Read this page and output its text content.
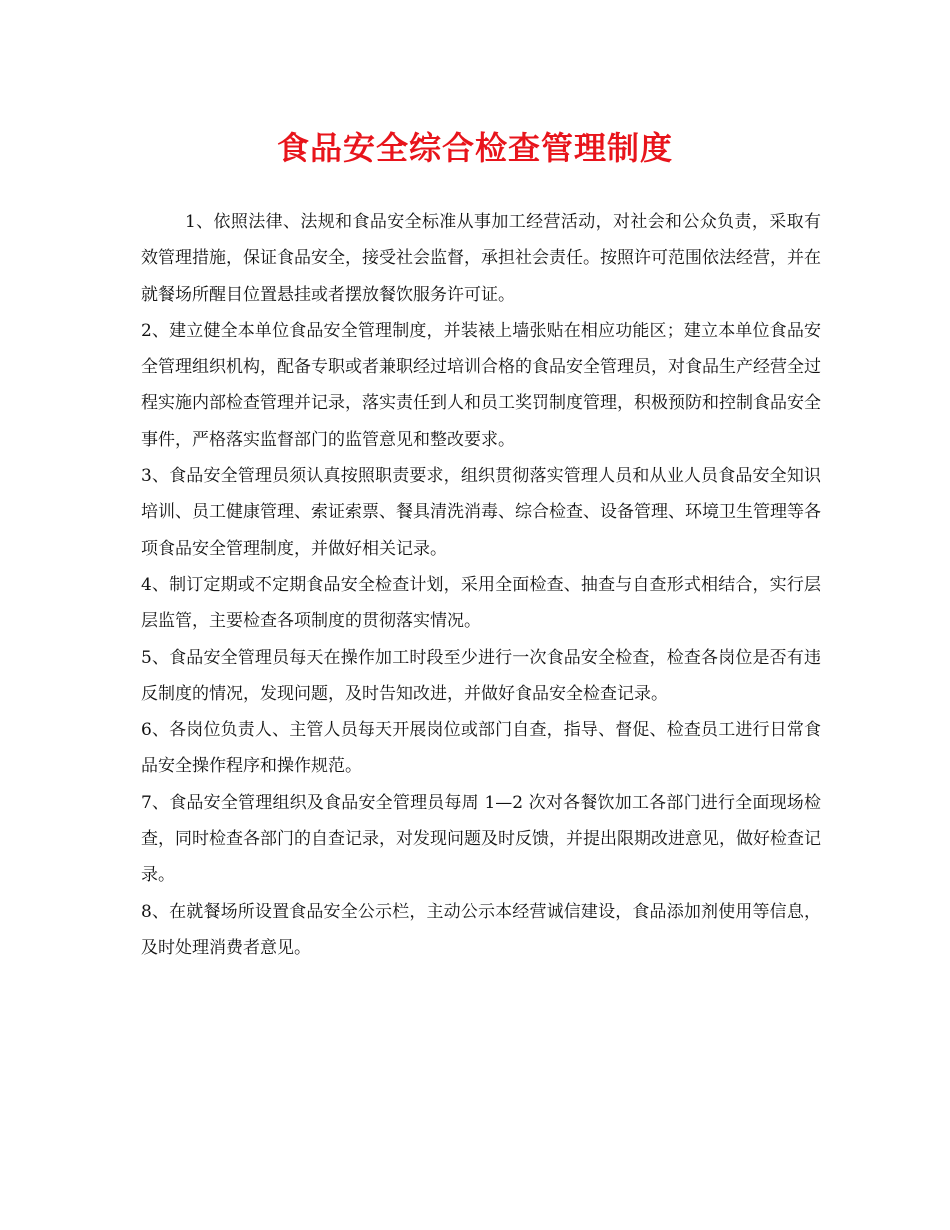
食品安全综合检查管理制度

1、依照法律、法规和食品安全标准从事加工经营活动，对社会和公众负责，采取有效管理措施，保证食品安全，接受社会监督，承担社会责任。按照许可范围依法经营，并在就餐场所醒目位置悬挂或者摆放餐饮服务许可证。

2、建立健全本单位食品安全管理制度，并装裱上墙张贴在相应功能区；建立本单位食品安全管理组织机构，配备专职或者兼职经过培训合格的食品安全管理员，对食品生产经营全过程实施内部检查管理并记录，落实责任到人和员工奖罚制度管理，积极预防和控制食品安全事件，严格落实监督部门的监管意见和整改要求。

3、食品安全管理员须认真按照职责要求，组织贯彻落实管理人员和从业人员食品安全知识培训、员工健康管理、索证索票、餐具清洗消毒、综合检查、设备管理、环境卫生管理等各项食品安全管理制度，并做好相关记录。

4、制订定期或不定期食品安全检查计划，采用全面检查、抽查与自查形式相结合，实行层层监管，主要检查各项制度的贯彻落实情况。

5、食品安全管理员每天在操作加工时段至少进行一次食品安全检查，检查各岗位是否有违反制度的情况，发现问题，及时告知改进，并做好食品安全检查记录。

6、各岗位负责人、主管人员每天开展岗位或部门自查，指导、督促、检查员工进行日常食品安全操作程序和操作规范。

7、食品安全管理组织及食品安全管理员每周 1—2 次对各餐饮加工各部门进行全面现场检查，同时检查各部门的自查记录，对发现问题及时反馈，并提出限期改进意见，做好检查记录。

8、在就餐场所设置食品安全公示栏，主动公示本经营诚信建设，食品添加剂使用等信息，及时处理消费者意见。
